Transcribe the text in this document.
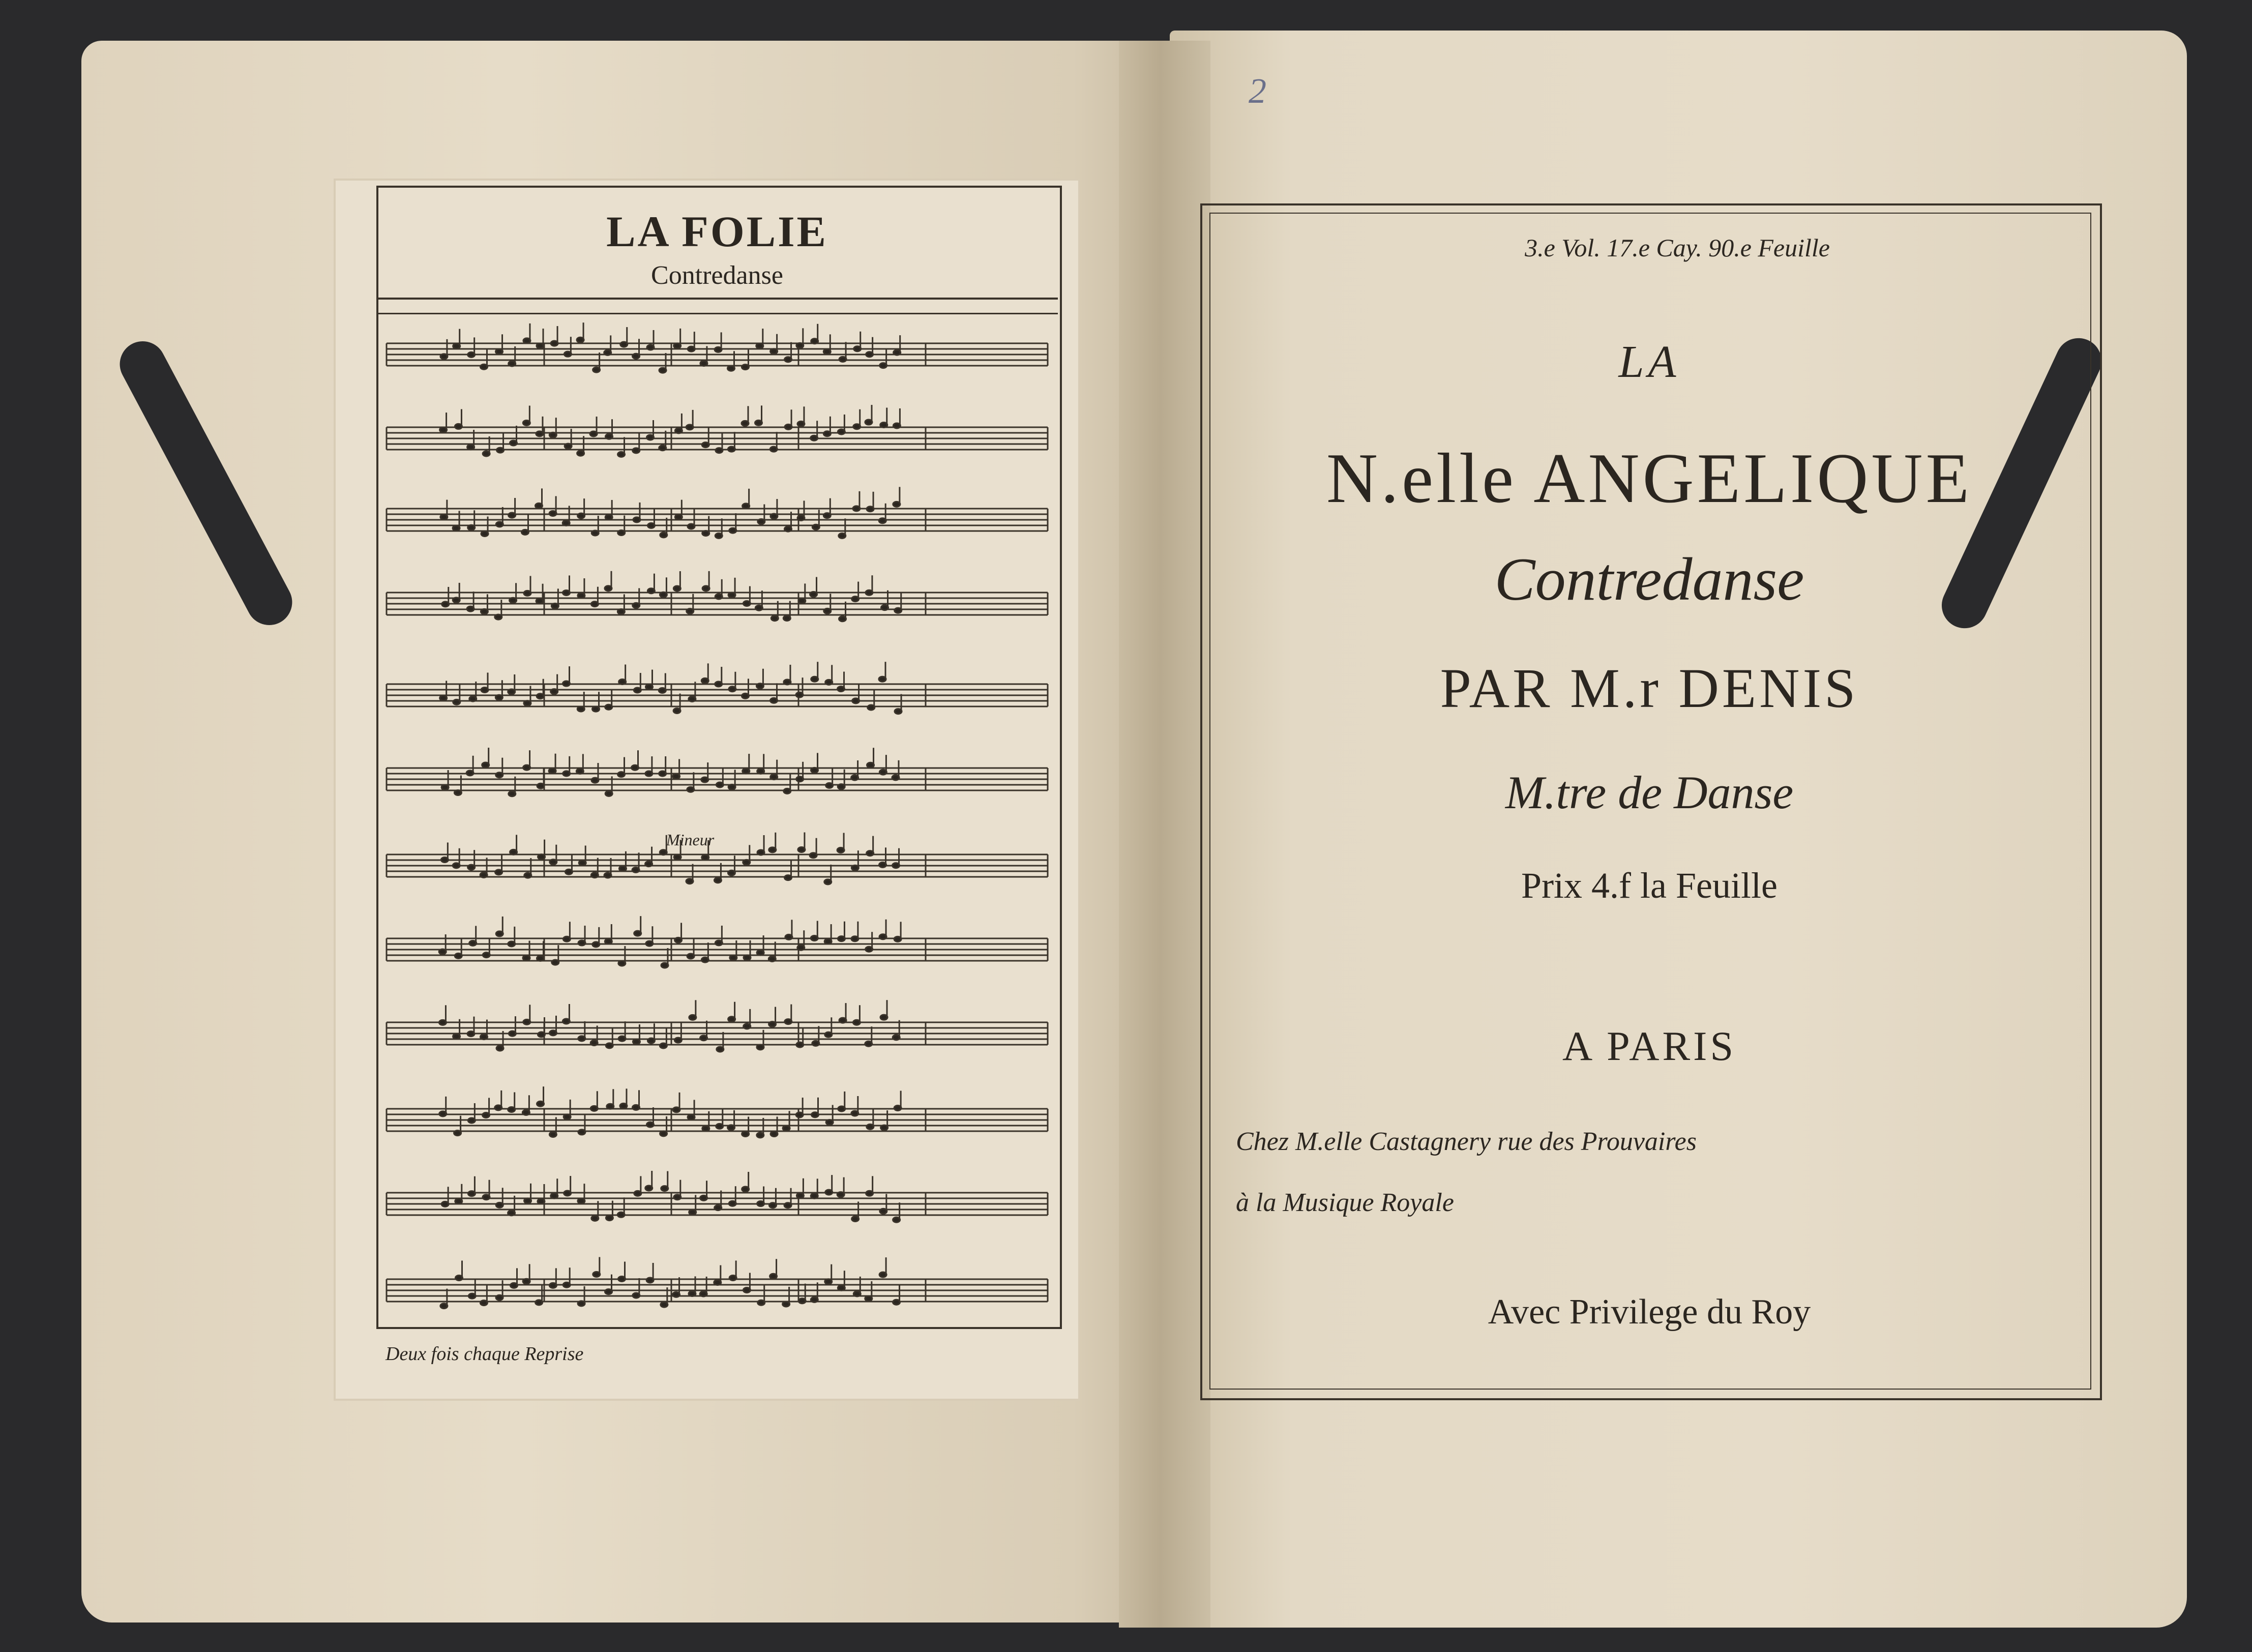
LA FOLIE
Contredanse
Mineur
Deux fois chaque Reprise
2
3.e Vol. 17.e Cay. 90.e Feuille
LA
N.elle ANGELIQUE
Contredanse
PAR M.r DENIS
M.tre de Danse
Prix 4.f la Feuille
A PARIS
Chez M.elle Castagnery rue des Prouvaires
à la Musique Royale
Avec Privilege du Roy
